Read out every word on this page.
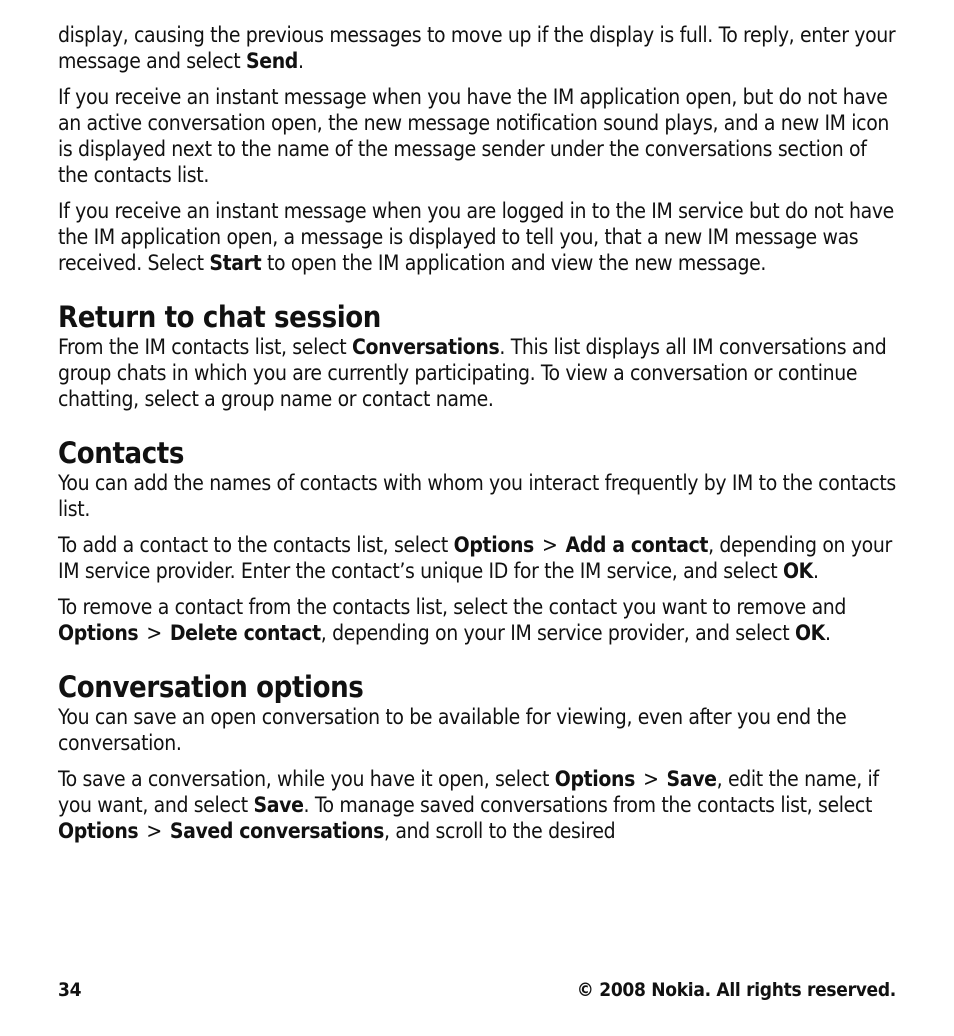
display, causing the previous messages to move up if the display is full. To reply, enter your message and select Send.

If you receive an instant message when you have the IM application open, but do not have an active conversation open, the new message notification sound plays, and a new IM icon is displayed next to the name of the message sender under the conversations section of the contacts list.

If you receive an instant message when you are logged in to the IM service but do not have the IM application open, a message is displayed to tell you, that a new IM message was received. Select Start to open the IM application and view the new message.

Return to chat session

From the IM contacts list, select Conversations. This list displays all IM conversations and group chats in which you are currently participating. To view a conversation or continue chatting, select a group name or contact name.

Contacts

You can add the names of contacts with whom you interact frequently by IM to the contacts list.

To add a contact to the contacts list, select Options > Add a contact, depending on your IM service provider. Enter the contact’s unique ID for the IM service, and select OK.

To remove a contact from the contacts list, select the contact you want to remove and Options > Delete contact, depending on your IM service provider, and select OK.

Conversation options

You can save an open conversation to be available for viewing, even after you end the conversation.

To save a conversation, while you have it open, select Options > Save, edit the name, if you want, and select Save. To manage saved conversations from the contacts list, select Options > Saved conversations, and scroll to the desired

34	© 2008 Nokia. All rights reserved.
